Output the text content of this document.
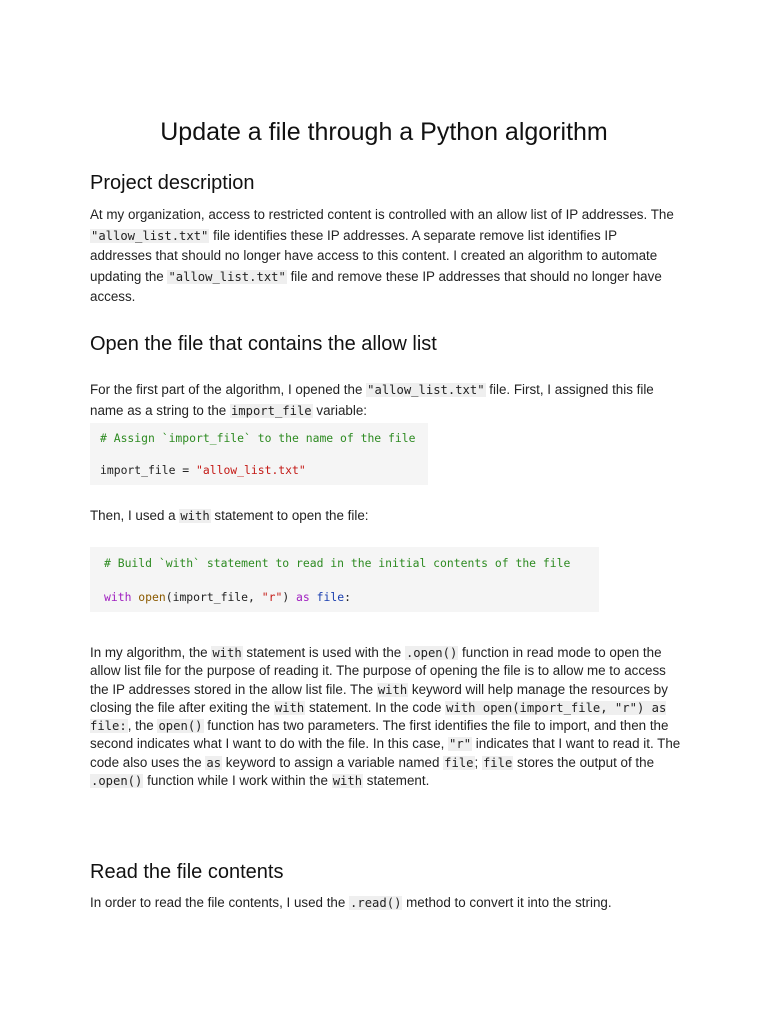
Update a file through a Python algorithm
Project description

At my organization, access to restricted content is controlled with an allow list of IP addresses. The "allow_list.txt" file identifies these IP addresses. A separate remove list identifies IP addresses that should no longer have access to this content. I created an algorithm to automate updating the "allow_list.txt" file and remove these IP addresses that should no longer have access.

Open the file that contains the allow list

For the first part of the algorithm, I opened the "allow_list.txt" file. First, I assigned this file name as a string to the import_file variable:

# Assign `import_file` to the name of the file
import_file = "allow_list.txt"

Then, I used a with statement to open the file:

# Build `with` statement to read in the initial contents of the file
with open(import_file, "r") as file:

In my algorithm, the with statement is used with the .open() function in read mode to open the allow list file for the purpose of reading it. The purpose of opening the file is to allow me to access the IP addresses stored in the allow list file. The with keyword will help manage the resources by closing the file after exiting the with statement. In the code with open(import_file, "r") as file:, the open() function has two parameters. The first identifies the file to import, and then the second indicates what I want to do with the file. In this case, "r" indicates that I want to read it. The code also uses the as keyword to assign a variable named file; file stores the output of the .open() function while I work within the with statement.

Read the file contents

In order to read the file contents, I used the .read() method to convert it into the string.
